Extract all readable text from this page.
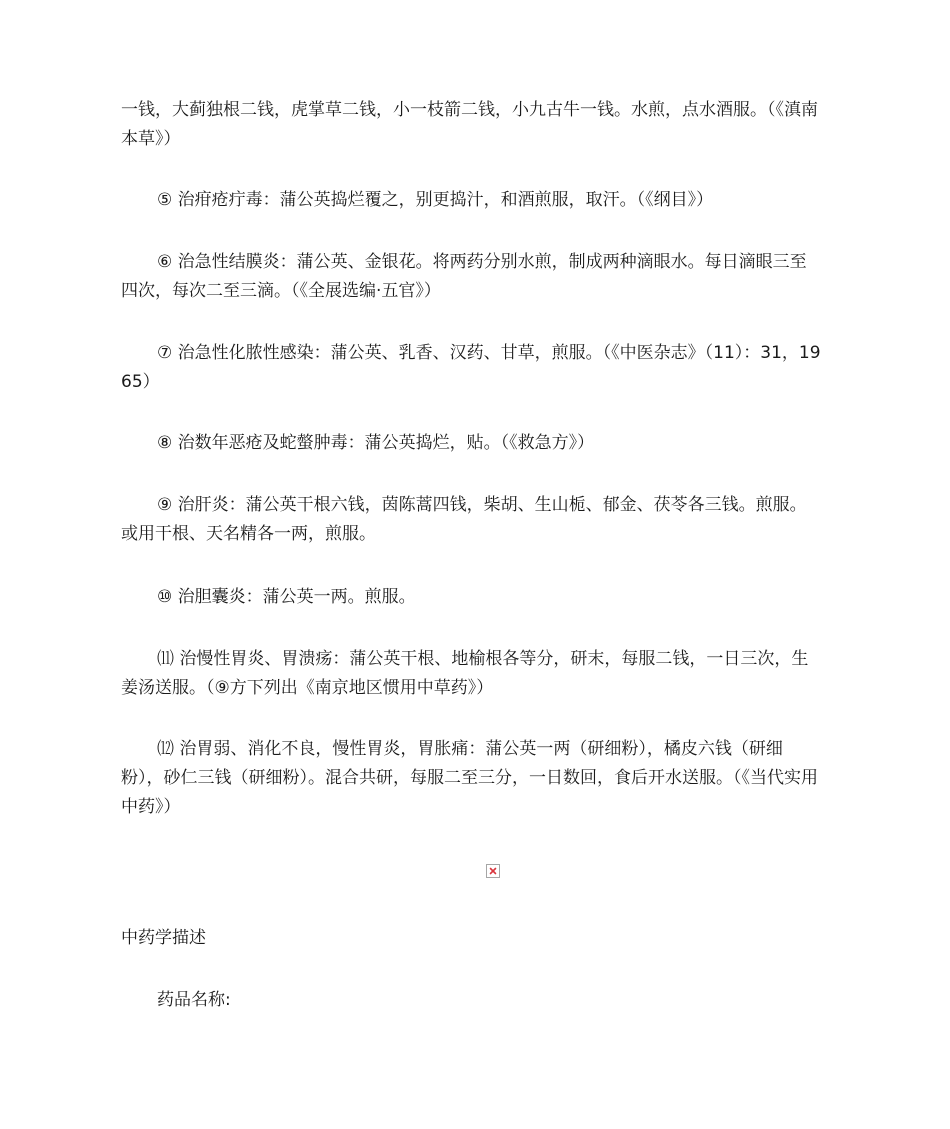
一钱，大蓟独根二钱，虎掌草二钱，小一枝箭二钱，小九古牛一钱。水煎，点水酒服。（《滇南本草》）

⑤ 治疳疮疔毒：蒲公英捣烂覆之，别更捣汁，和酒煎服，取汗。（《纲目》）

⑥ 治急性结膜炎：蒲公英、金银花。将两药分别水煎，制成两种滴眼水。每日滴眼三至四次，每次二至三滴。（《全展选编·五官》）

⑦ 治急性化脓性感染：蒲公英、乳香、汉药、甘草，煎服。（《中医杂志》（11）：31，1965）

⑧ 治数年恶疮及蛇螫肿毒：蒲公英捣烂，贴。（《救急方》）

⑨ 治肝炎：蒲公英干根六钱，茵陈蒿四钱，柴胡、生山栀、郁金、茯苓各三钱。煎服。或用干根、天名精各一两，煎服。

⑩ 治胆囊炎：蒲公英一两。煎服。

⑾ 治慢性胃炎、胃溃疡：蒲公英干根、地榆根各等分，研末，每服二钱，一日三次，生姜汤送服。（⑨方下列出《南京地区惯用中草药》）

⑿ 治胃弱、消化不良，慢性胃炎，胃胀痛：蒲公英一两（研细粉），橘皮六钱（研细粉），砂仁三钱（研细粉）。混合共研，每服二至三分，一日数回，食后开水送服。（《当代实用中药》）

中药学描述

药品名称:
